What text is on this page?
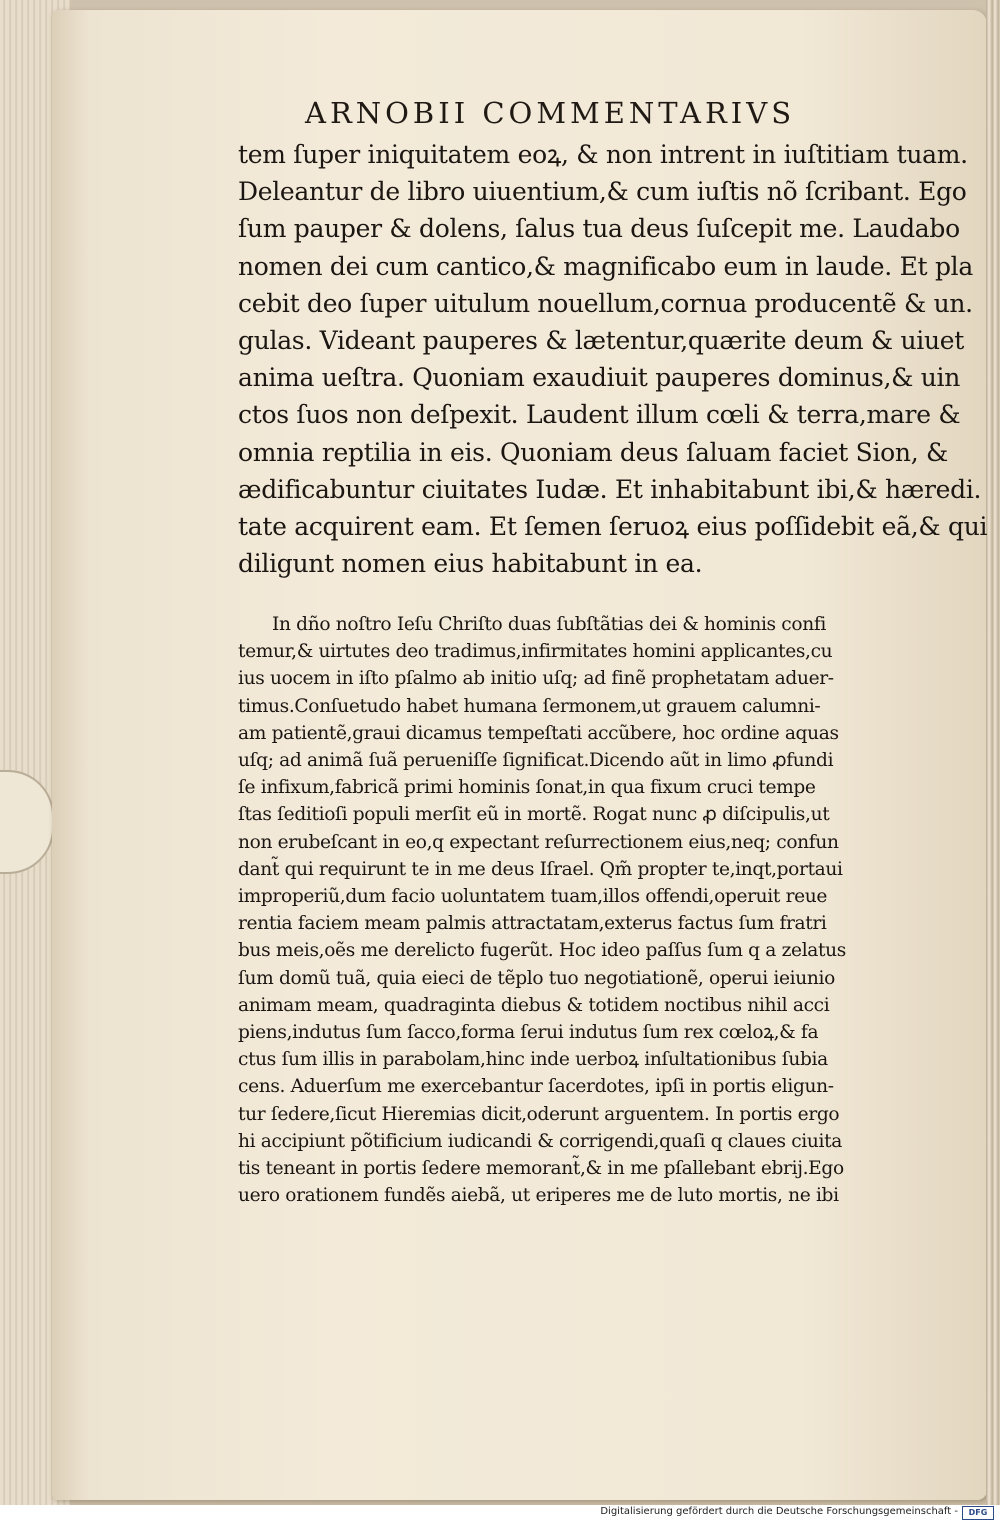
ARNOBII COMMENTARIVS
tem ſuper iniquitatem eoꝝ, & non intrent in iuſtitiam tuam.
Deleantur de libro uiuentium,& cum iuſtis nõ ſcribant. Ego
ſum pauper & dolens, ſalus tua deus ſuſcepit me. Laudabo
nomen dei cum cantico,& magnificabo eum in laude. Et pla
cebit deo ſuper uitulum nouellum,cornua producentẽ & un.
gulas. Videant pauperes & lætentur,quærite deum & uiuet
anima ueſtra. Quoniam exaudiuit pauperes dominus,& uin
ctos ſuos non deſpexit. Laudent illum cœli & terra,mare &
omnia reptilia in eis. Quoniam deus ſaluam faciet Sion, &
ædificabuntur ciuitates Iudæ. Et inhabitabunt ibi,& hæredi.
tate acquirent eam. Et ſemen ſeruoꝝ eius poſſidebit eã,& qui
diligunt nomen eius habitabunt in ea.
In dño noſtro Ieſu Chriſto duas ſubſtãtias dei & hominis confi
temur,& uirtutes deo tradimus,infirmitates homini applicantes,cu
ius uocem in iſto pſalmo ab initio uſq; ad finẽ prophetatam aduer-
timus.Conſuetudo habet humana ſermonem,ut grauem calumni-
am patientẽ,graui dicamus tempeſtati accũbere, hoc ordine aquas
uſq; ad animã ſuã perueniſſe ſignificat.Dicendo aũt in limo ꝓfundi
ſe infixum,fabricã primi hominis ſonat,in qua fixum cruci tempe
ſtas ſeditioſi populi merſit eũ in mortẽ. Rogat nunc ꝓ diſcipulis,ut
non erubeſcant in eo,q expectant reſurrectionem eius,neq; confun
dant̃ qui requirunt te in me deus Iſrael. Qm̃ propter te,inqt,portaui
improperiũ,dum facio uoluntatem tuam,illos offendi,operuit reue
rentia faciem meam palmis attractatam,exterus factus ſum fratri
bus meis,oẽs me derelicto fugerũt. Hoc ideo paſſus ſum q a zelatus
ſum domũ tuã, quia eieci de tẽplo tuo negotiationẽ, operui ieiunio
animam meam, quadraginta diebus & totidem noctibus nihil acci
piens,indutus ſum ſacco,forma ſerui indutus ſum rex cœloꝝ,& fa
ctus ſum illis in parabolam,hinc inde uerboꝝ inſultationibus ſubia
cens. Aduerſum me exercebantur ſacerdotes, ipſi in portis eligun-
tur ſedere,ſicut Hieremias dicit,oderunt arguentem. In portis ergo
hi accipiunt põtificium iudicandi & corrigendi,quaſi q claues ciuita
tis teneant in portis ſedere memorant̃,& in me pſallebant ebrij.Ego
uero orationem fundẽs aiebã, ut eriperes me de luto mortis, ne ibi
Digitalisierung gefördert durch die Deutsche Forschungsgemeinschaft -	DFG
